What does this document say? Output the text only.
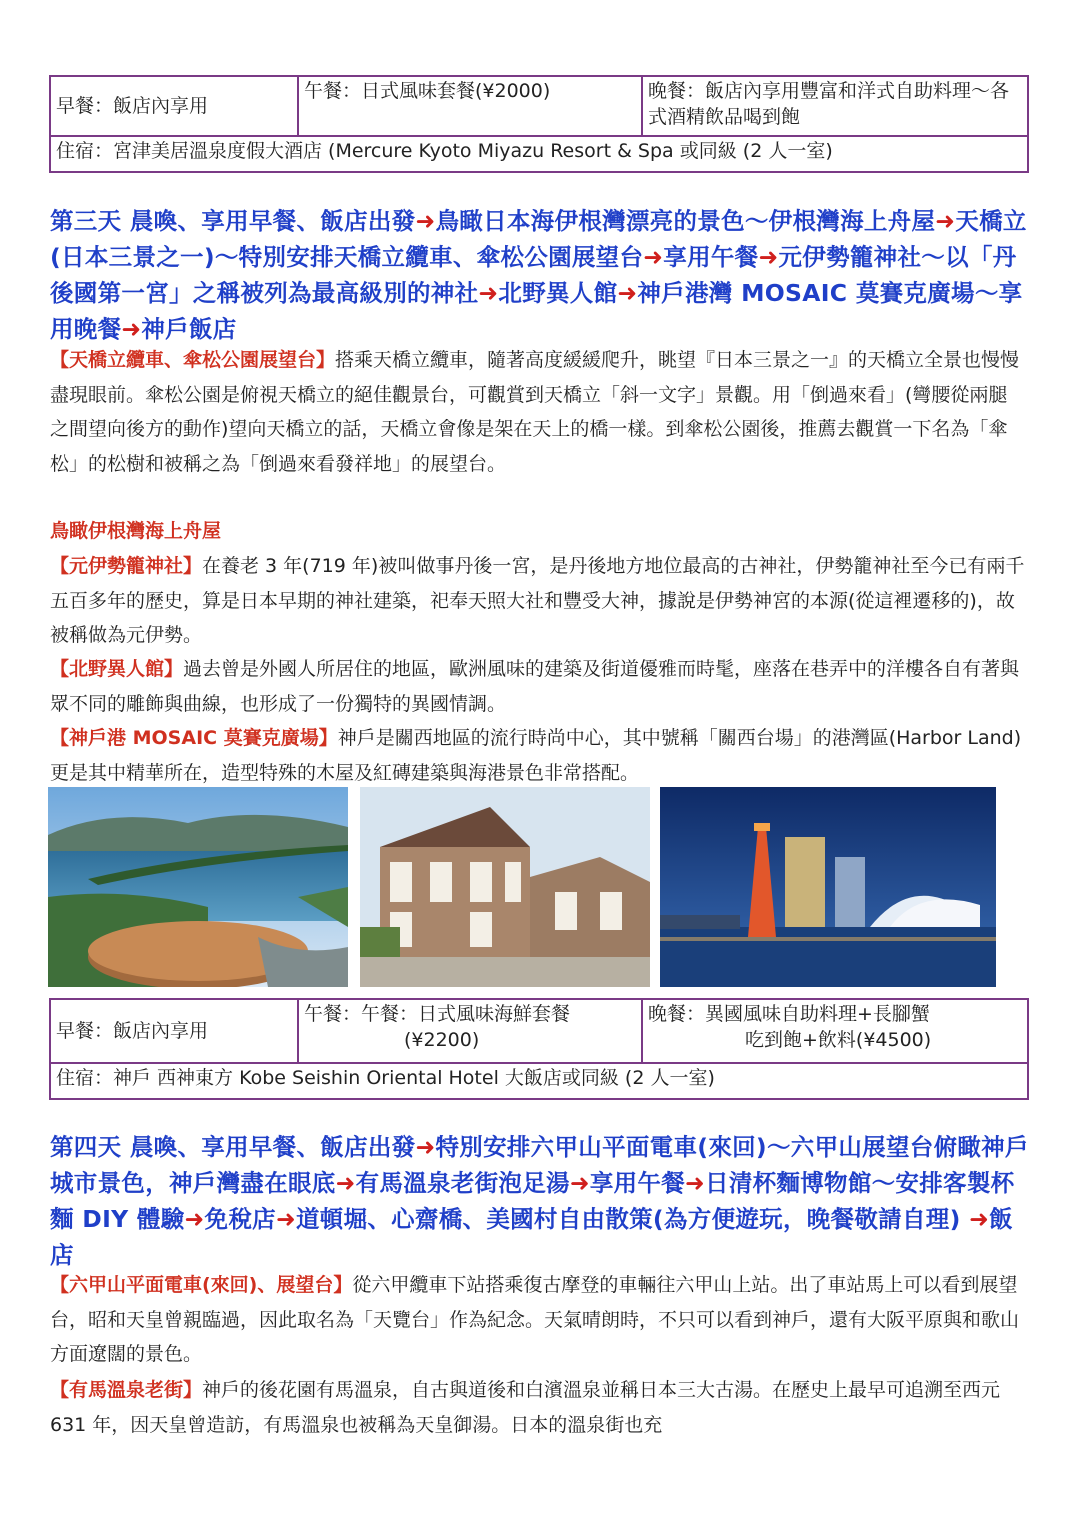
早餐：飯店內享用
午餐：日式風味套餐(¥2000)	晚餐：飯店內享用豐富和洋式自助料理～各式酒精飲品喝到飽
住宿：宮津美居溫泉度假大酒店 (Mercure Kyoto Miyazu Resort & Spa 或同級 (2 人一室)
第三天 晨喚、享用早餐、飯店出發➜鳥瞰日本海伊根灣漂亮的景色～伊根灣海上舟屋➜天橋立(日本三景之一)～特別安排天橋立纜車、傘松公園展望台➜享用午餐➜元伊勢籠神社～以「丹後國第一宮」之稱被列為最高級別的神社➜北野異人館➜神戶港灣 MOSAIC 莫賽克廣場～享用晚餐➜神戶飯店

【天橋立纜車、傘松公園展望台】搭乘天橋立纜車，隨著高度緩緩爬升，眺望『日本三景之一』的天橋立全景也慢慢盡現眼前。傘松公園是俯視天橋立的絕佳觀景台，可觀賞到天橋立「斜一文字」景觀。用「倒過來看」(彎腰從兩腿之間望向後方的動作)望向天橋立的話，天橋立會像是架在天上的橋一樣。到傘松公園後，推薦去觀賞一下名為「傘松」的松樹和被稱之為「倒過來看發祥地」的展望台。

鳥瞰伊根灣海上舟屋

【元伊勢籠神社】在養老 3 年(719 年)被叫做事丹後一宮，是丹後地方地位最高的古神社，伊勢籠神社至今已有兩千五百多年的歷史，算是日本早期的神社建築，祀奉天照大社和豐受大神，據說是伊勢神宮的本源(從這裡遷移的)，故被稱做為元伊勢。

【北野異人館】過去曾是外國人所居住的地區，歐洲風味的建築及街道優雅而時髦，座落在巷弄中的洋樓各自有著與眾不同的雕飾與曲線，也形成了一份獨特的異國情調。

【神戶港 MOSAIC 莫賽克廣場】神戶是關西地區的流行時尚中心，其中號稱「關西台場」的港灣區(Harbor Land)更是其中精華所在，造型特殊的木屋及紅磚建築與海港景色非常搭配。

早餐：飯店內享用
午餐：午餐：日式風味海鮮套餐
(¥2200)
晚餐：異國風味自助料理+長腳蟹
吃到飽+飲料(¥4500)
住宿：神戶 西神東方 Kobe Seishin Oriental Hotel 大飯店或同級 (2 人一室)
第四天 晨喚、享用早餐、飯店出發➜特別安排六甲山平面電車(來回)～六甲山展望台俯瞰神戶城市景色，神戶灣盡在眼底➜有馬溫泉老街泡足湯➜享用午餐➜日清杯麵博物館～安排客製杯麵 DIY 體驗➜免稅店➜道頓堀、心齋橋、美國村自由散策(為方便遊玩，晚餐敬請自理) ➜飯店

【六甲山平面電車(來回)、展望台】從六甲纜車下站搭乘復古摩登的車輛往六甲山上站。出了車站馬上可以看到展望台，昭和天皇曾親臨過，因此取名為「天覽台」作為紀念。天氣晴朗時，不只可以看到神戶，還有大阪平原與和歌山方面遼闊的景色。

【有馬溫泉老街】神戶的後花園有馬溫泉，自古與道後和白濱溫泉並稱日本三大古湯。在歷史上最早可追溯至西元 631 年，因天皇曾造訪，有馬溫泉也被稱為天皇御湯。日本的溫泉街也充
